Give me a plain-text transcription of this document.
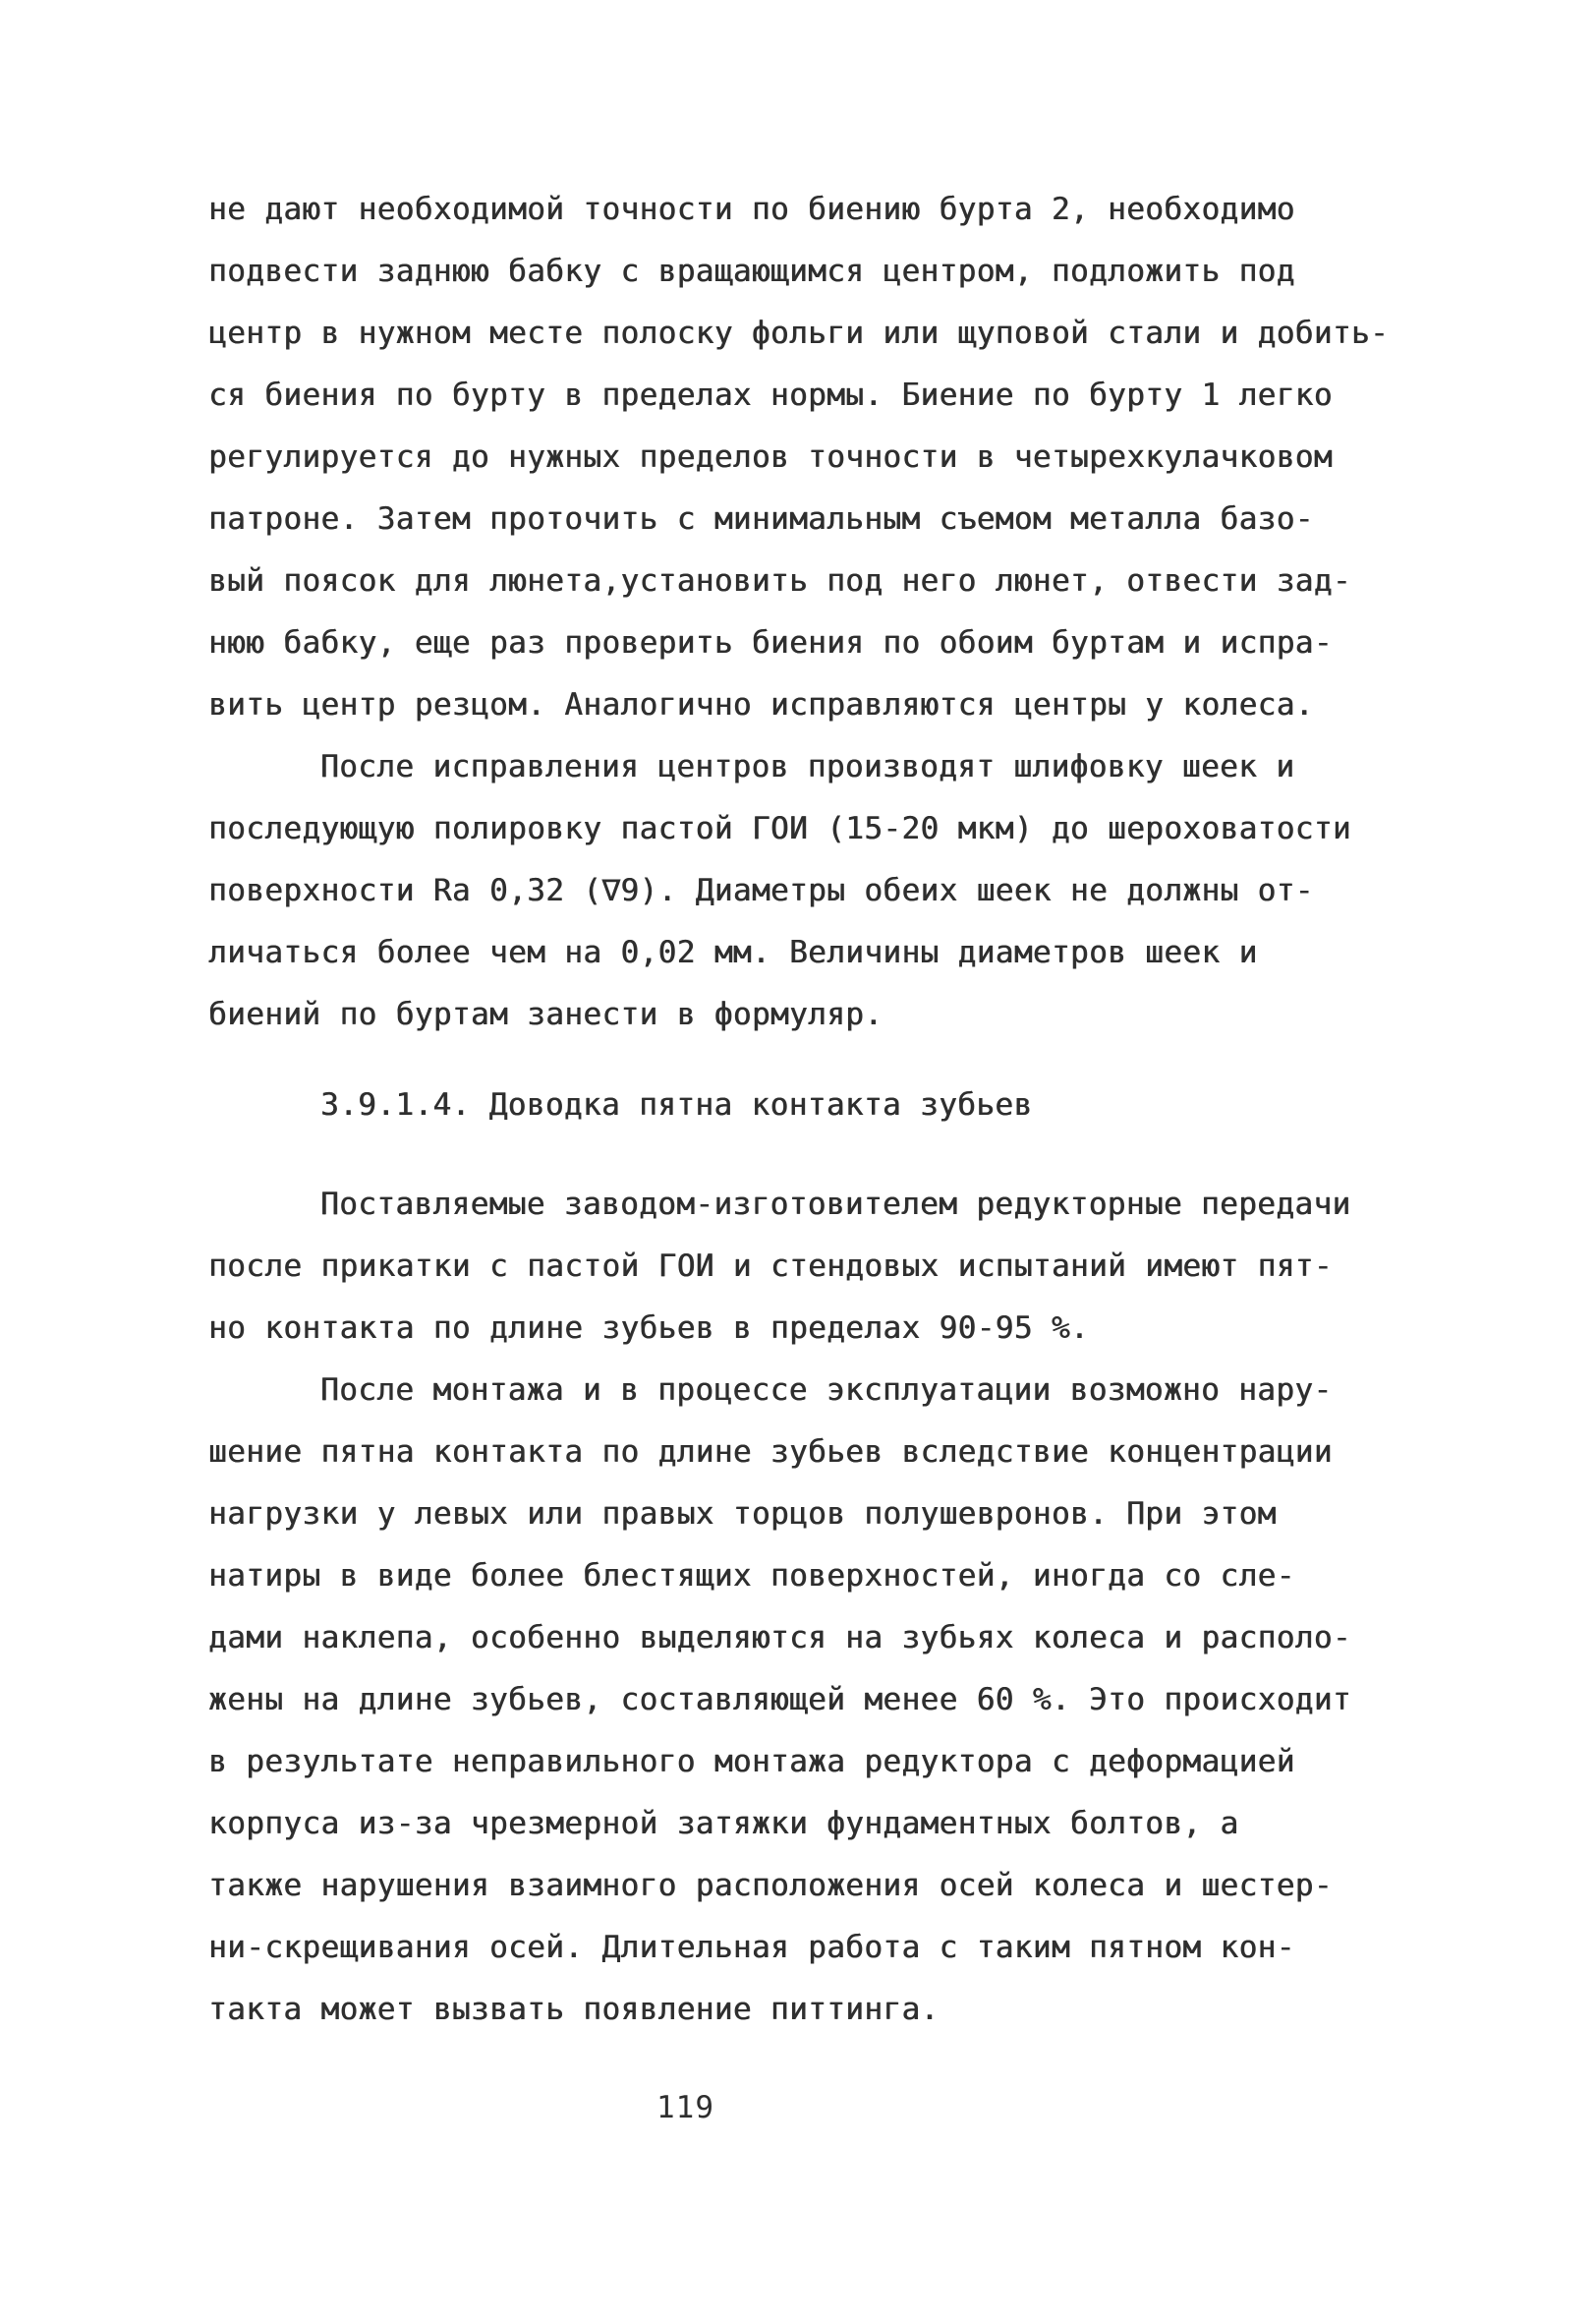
не дают необходимой точности по биению бурта 2, необходимо
подвести заднюю бабку с вращающимся центром, подложить под
центр в нужном месте полоску фольги или щуповой стали и добить-
ся биения по бурту в пределах нормы. Биение по бурту 1 легко
регулируется до нужных пределов точности в четырехкулачковом
патроне. Затем проточить с минимальным съемом металла базо-
вый поясок для люнета,установить под него люнет, отвести зад-
нюю бабку, еще раз проверить биения по обоим буртам и испра-
вить центр резцом. Аналогично исправляются центры у колеса.
После исправления центров производят шлифовку шеек и
последующую полировку пастой ГОИ (15-20 мкм) до шероховатости
поверхности Ra 0,32 (∇9). Диаметры обеих шеек не должны от-
личаться более чем на 0,02 мм. Величины диаметров шеек и
биений по буртам занести в формуляр.
3.9.1.4. Доводка пятна контакта зубьев
Поставляемые заводом-изготовителем редукторные передачи
после прикатки с пастой ГОИ и стендовых испытаний имеют пят-
но контакта по длине зубьев в пределах 90-95 %.
После монтажа и в процессе эксплуатации возможно нару-
шение пятна контакта по длине зубьев вследствие концентрации
нагрузки у левых или правых торцов полушевронов. При этом
натиры в виде более блестящих поверхностей, иногда со сле-
дами наклепа, особенно выделяются на зубьях колеса и располо-
жены на длине зубьев, составляющей менее 60 %. Это происходит
в результате неправильного монтажа редуктора с деформацией
корпуса из-за чрезмерной затяжки фундаментных болтов, а
также нарушения взаимного расположения осей колеса и шестер-
ни-скрещивания осей. Длительная работа с таким пятном кон-
такта может вызвать появление питтинга.
119
